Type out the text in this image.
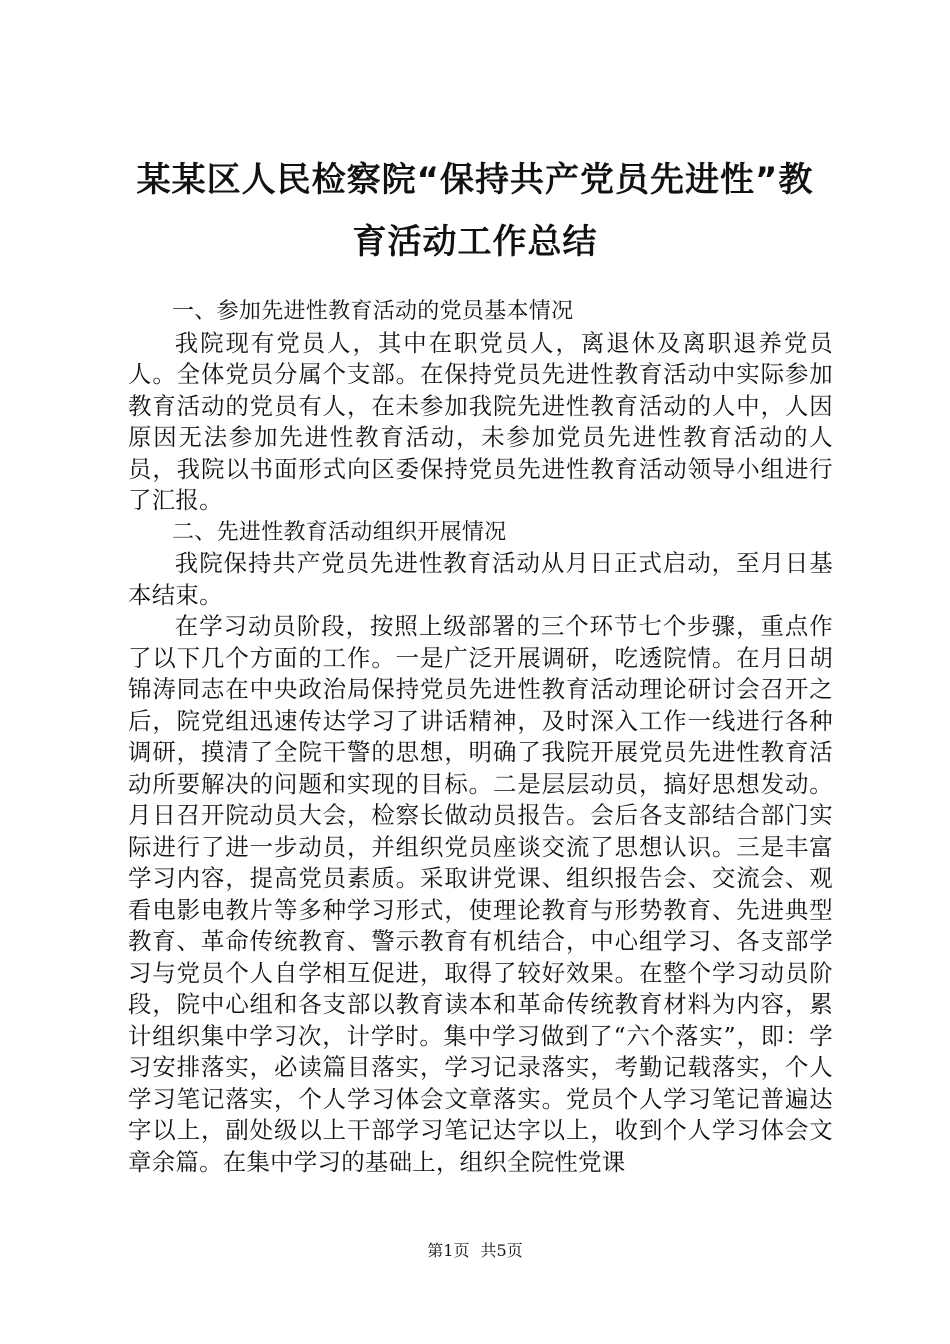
某某区人民检察院“保持共产党员先进性”教
育活动工作总结

一、参加先进性教育活动的党员基本情况

我院现有党员人，其中在职党员人，离退休及离职退养党员人。全体党员分属个支部。在保持党员先进性教育活动中实际参加教育活动的党员有人，在未参加我院先进性教育活动的人中，人因原因无法参加先进性教育活动，未参加党员先进性教育活动的人员，我院以书面形式向区委保持党员先进性教育活动领导小组进行了汇报。

二、先进性教育活动组织开展情况

我院保持共产党员先进性教育活动从月日正式启动，至月日基本结束。

在学习动员阶段，按照上级部署的三个环节七个步骤，重点作了以下几个方面的工作。一是广泛开展调研，吃透院情。在月日胡锦涛同志在中央政治局保持党员先进性教育活动理论研讨会召开之后，院党组迅速传达学习了讲话精神，及时深入工作一线进行各种调研，摸清了全院干警的思想，明确了我院开展党员先进性教育活动所要解决的问题和实现的目标。二是层层动员，搞好思想发动。月日召开院动员大会，检察长做动员报告。会后各支部结合部门实际进行了进一步动员，并组织党员座谈交流了思想认识。三是丰富学习内容，提高党员素质。采取讲党课、组织报告会、交流会、观看电影电教片等多种学习形式，使理论教育与形势教育、先进典型教育、革命传统教育、警示教育有机结合，中心组学习、各支部学习与党员个人自学相互促进，取得了较好效果。在整个学习动员阶段，院中心组和各支部以教育读本和革命传统教育材料为内容，累计组织集中学习次，计学时。集中学习做到了“六个落实”，即：学习安排落实，必读篇目落实，学习记录落实，考勤记载落实，个人学习笔记落实，个人学习体会文章落实。党员个人学习笔记普遍达字以上，副处级以上干部学习笔记达字以上，收到个人学习体会文章余篇。在集中学习的基础上，组织全院性党课

第1页 共5页
